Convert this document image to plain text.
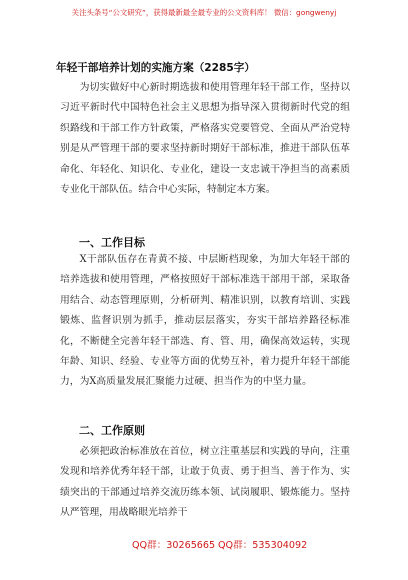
关注头条号“公文研究”，获得最新最全最专业的公文资料库！ 微信：gongwenyj
年轻干部培养计划的实施方案（2285字）
为切实做好中心新时期选拔和使用管理年轻干部工作，坚持以习近平新时代中国特色社会主义思想为指导深入贯彻新时代党的组织路线和干部工作方针政策，严格落实党要管党、全面从严治党特别是从严管理干部的要求坚持新时期好干部标准，推进干部队伍革命化、年轻化、知识化、专业化，建设一支忠诚干净担当的高素质专业化干部队伍。结合中心实际，特制定本方案。
一、工作目标
X干部队伍存在青黄不接、中层断档现象，为加大年轻干部的培养选拔和使用管理，严格按照好干部标准选干部用干部，采取备用结合、动态管理原则，分析研判、精准识别，以教育培训、实践锻炼、监督识别为抓手，推动层层落实，夯实干部培养路径标准化，不断健全完善年轻干部选、育、管、用，确保高效运转，实现年龄、知识、经验、专业等方面的优势互补，着力提升年轻干部能力，为X高质量发展汇聚能力过硬、担当作为的中坚力量。
二、工作原则
必须把政治标准放在首位，树立注重基层和实践的导向，注重发现和培养优秀年轻干部，让敢于负责、勇于担当、善于作为、实绩突出的干部通过培养交流历练本领、试岗履职、锻炼能力。坚持从严管理，用战略眼光培养干
QQ群：30265665 QQ群：535304092
